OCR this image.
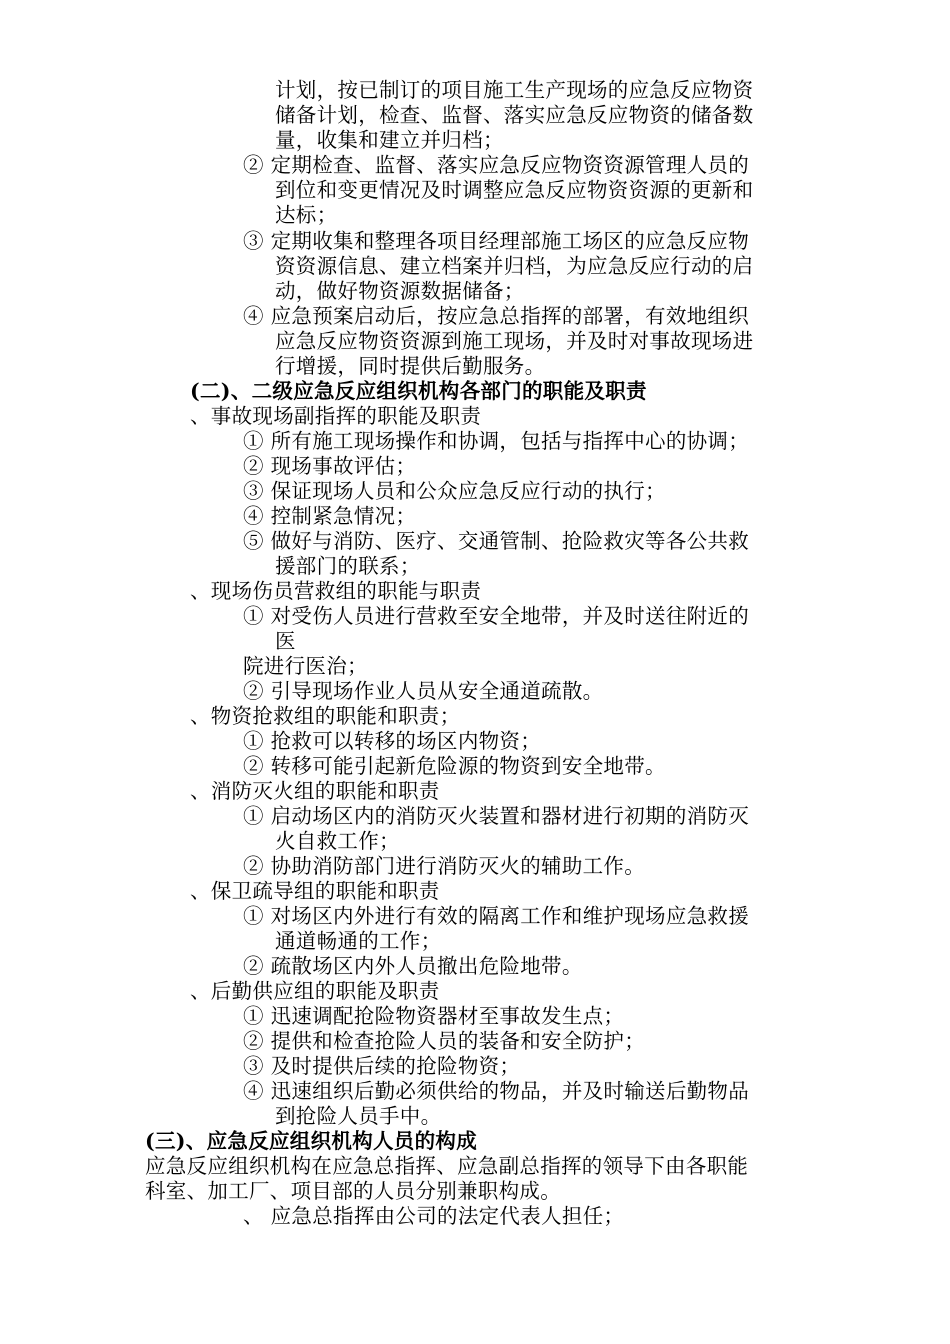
计划，按已制订的项目施工生产现场的应急反应物资
储备计划，检查、监督、落实应急反应物资的储备数
量，收集和建立并归档；
② 定期检查、监督、落实应急反应物资资源管理人员的
到位和变更情况及时调整应急反应物资资源的更新和
达标；
③ 定期收集和整理各项目经理部施工场区的应急反应物
资资源信息、建立档案并归档，为应急反应行动的启
动，做好物资源数据储备；
④ 应急预案启动后，按应急总指挥的部署，有效地组织
应急反应物资资源到施工现场，并及时对事故现场进
行增援，同时提供后勤服务。
(二)、二级应急反应组织机构各部门的职能及职责
、事故现场副指挥的职能及职责
① 所有施工现场操作和协调，包括与指挥中心的协调；
② 现场事故评估；
③ 保证现场人员和公众应急反应行动的执行；
④ 控制紧急情况；
⑤ 做好与消防、医疗、交通管制、抢险救灾等各公共救
援部门的联系；
、现场伤员营救组的职能与职责
① 对受伤人员进行营救至安全地带，并及时送往附近的
医
院进行医治；
② 引导现场作业人员从安全通道疏散。
、物资抢救组的职能和职责；
① 抢救可以转移的场区内物资；
② 转移可能引起新危险源的物资到安全地带。
、消防灭火组的职能和职责
① 启动场区内的消防灭火装置和器材进行初期的消防灭
火自救工作；
② 协助消防部门进行消防灭火的辅助工作。
、保卫疏导组的职能和职责
① 对场区内外进行有效的隔离工作和维护现场应急救援
通道畅通的工作；
② 疏散场区内外人员撤出危险地带。
、后勤供应组的职能及职责
① 迅速调配抢险物资器材至事故发生点；
② 提供和检查抢险人员的装备和安全防护；
③ 及时提供后续的抢险物资；
④ 迅速组织后勤必须供给的物品，并及时输送后勤物品
到抢险人员手中。
(三)、应急反应组织机构人员的构成
应急反应组织机构在应急总指挥、应急副总指挥的领导下由各职能
科室、加工厂、项目部的人员分别兼职构成。
、 应急总指挥由公司的法定代表人担任；
